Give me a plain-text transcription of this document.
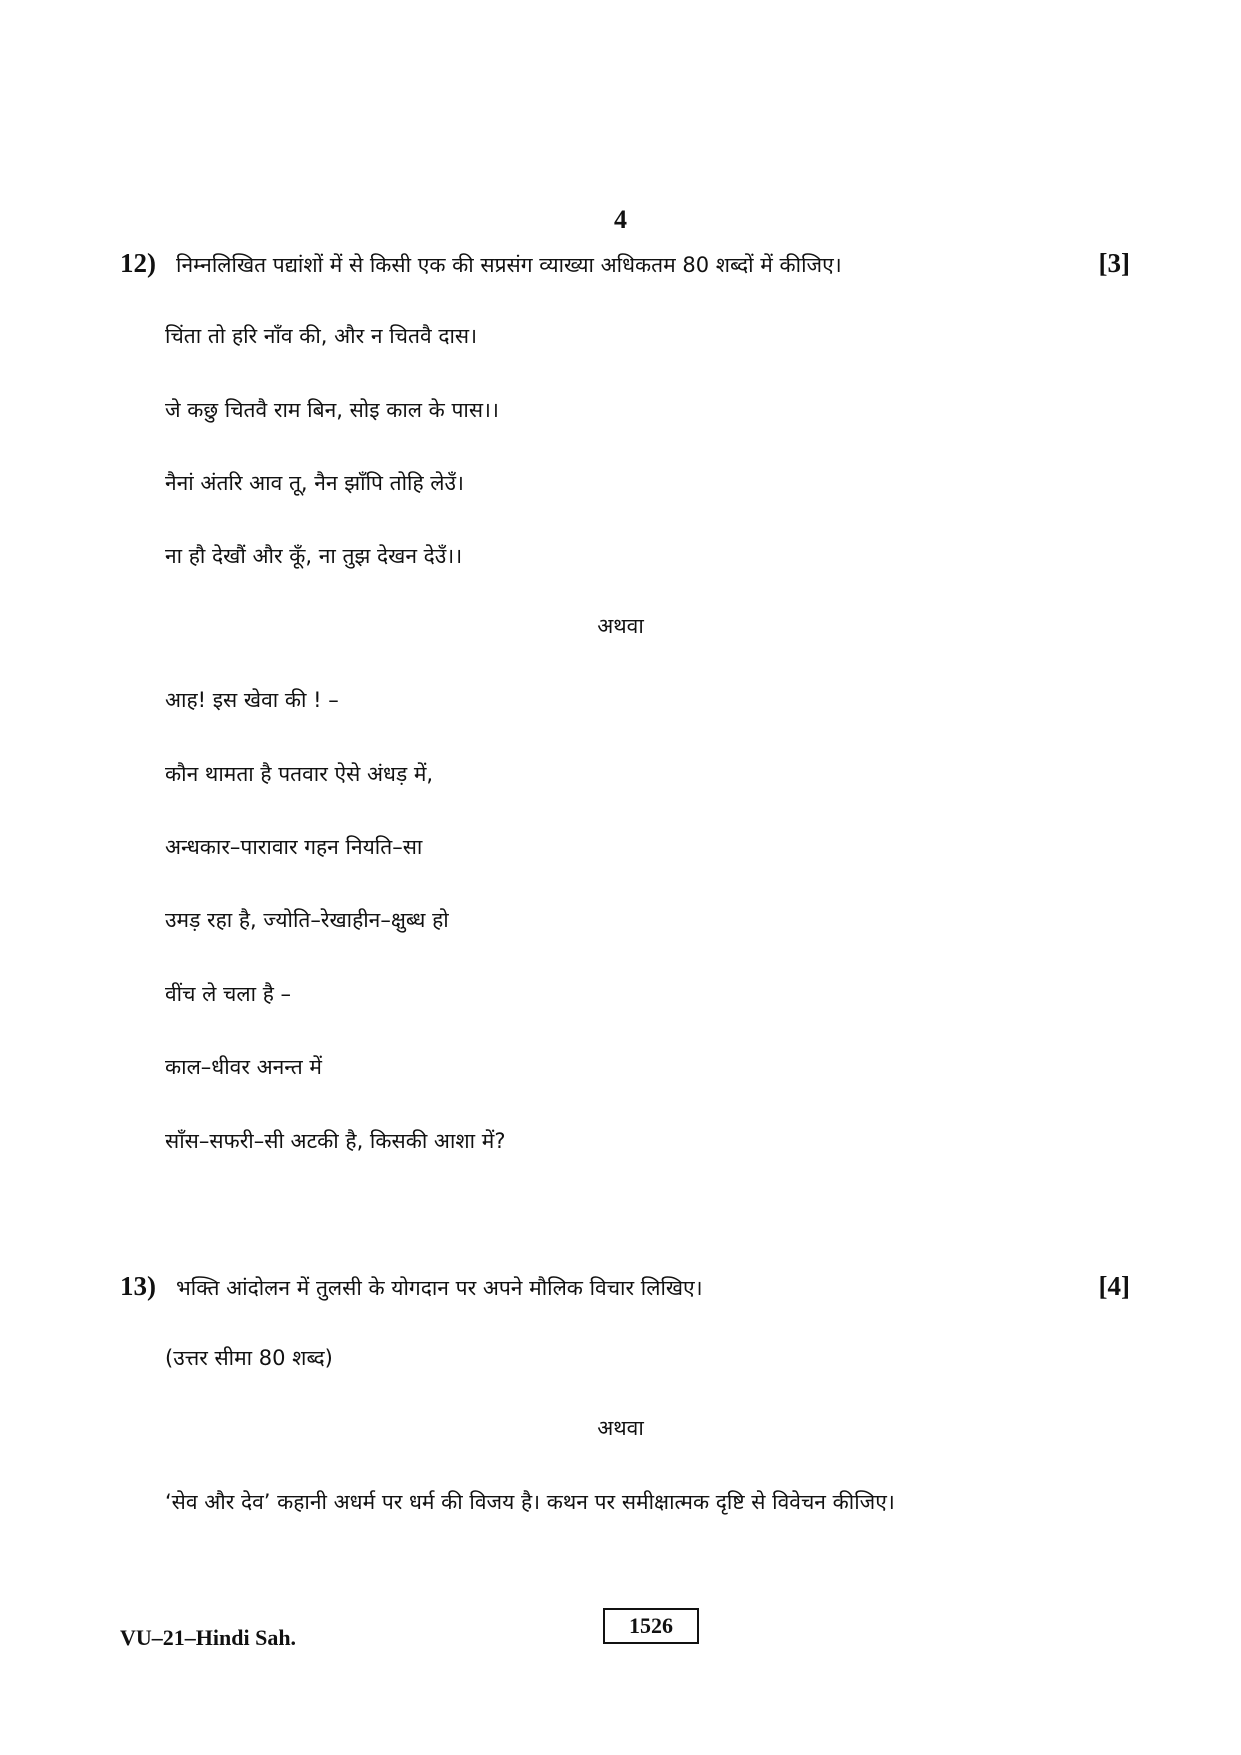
4
12) निम्नलिखित पद्यांशों में से किसी एक की सप्रसंग व्याख्या अधिकतम 80 शब्दों में कीजिए।	[3]
चिंता तो हरि नाँव की, और न चितवै दास।
जे कछु चितवै राम बिन, सोइ काल के पास।।
नैनां अंतरि आव तू, नैन झाँपि तोहि लेउँ।
ना हौ देखौं और कूँ, ना तुझ देखन देउँ।।
अथवा
आह! इस खेवा की ! –
कौन थामता है पतवार ऐसे अंधड़ में,
अन्धकार–पारावार गहन नियति–सा
उमड़ रहा है, ज्योति–रेखाहीन–क्षुब्ध हो
वींच ले चला है –
काल–धीवर अनन्त में
साँस–सफरी–सी अटकी है, किसकी आशा में?
13) भक्ति आंदोलन में तुलसी के योगदान पर अपने मौलिक विचार लिखिए।	[4]
(उत्तर सीमा 80 शब्द)
अथवा
‘सेव और देव’ कहानी अधर्म पर धर्म की विजय है। कथन पर समीक्षात्मक दृष्टि से विवेचन कीजिए।
VU–21–Hindi Sah.	1526
